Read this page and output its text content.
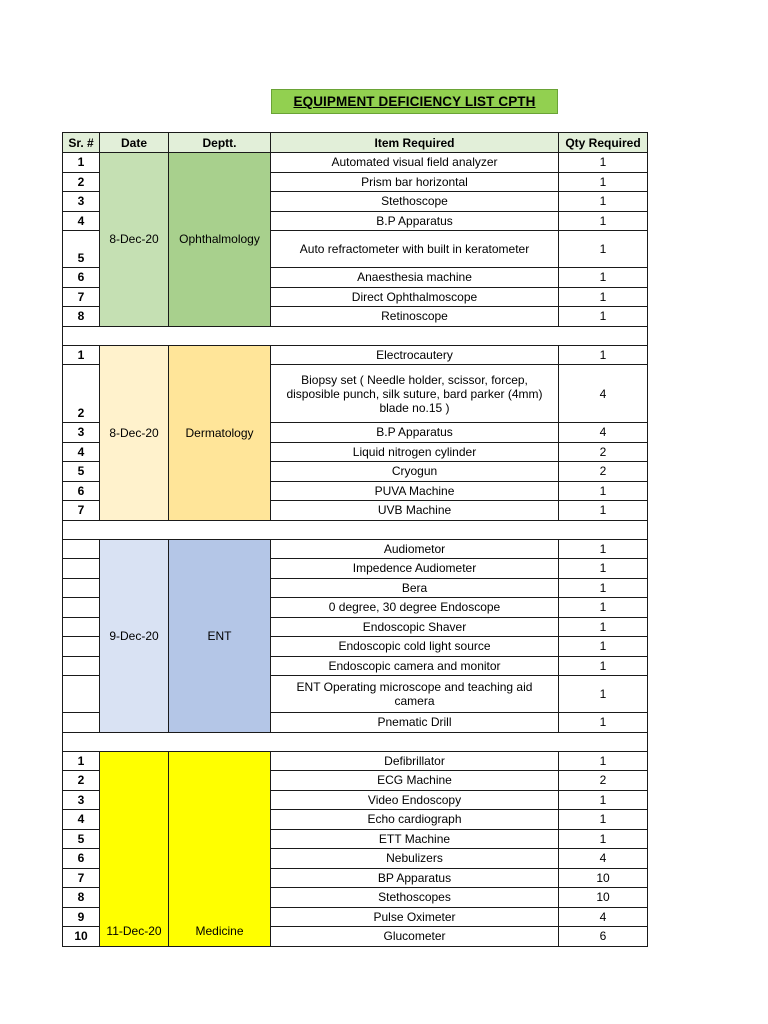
EQUIPMENT DEFICIENCY LIST CPTH
Sr. #	Date	Deptt.	Item Required	Qty Required
1	8-Dec-20	Ophthalmology	Automated visual field analyzer	1
2			Prism bar horizontal	1
3			Stethoscope	1
4			B.P Apparatus	1
5			Auto refractometer with built in keratometer	1
6			Anaesthesia machine	1
7			Direct Ophthalmoscope	1
8			Retinoscope	1

1	8-Dec-20	Dermatology	Electrocautery	1
2			Biopsy set ( Needle holder, scissor, forcep, disposible punch, silk suture, bard parker (4mm) blade no.15 )	4
3			B.P Apparatus	4
4			Liquid nitrogen cylinder	2
5			Cryogun	2
6			PUVA Machine	1
7			UVB Machine	1

	9-Dec-20	ENT	Audiometor	1
			Impedence Audiometer	1
			Bera	1
			0 degree, 30 degree Endoscope	1
			Endoscopic Shaver	1
			Endoscopic cold light source	1
			Endoscopic camera and monitor	1
			ENT Operating microscope and teaching aid camera	1
			Pnematic Drill	1

1	11-Dec-20	Medicine	Defibrillator	1
2			ECG Machine	2
3			Video Endoscopy	1
4			Echo cardiograph	1
5			ETT Machine	1
6			Nebulizers	4
7			BP Apparatus	10
8			Stethoscopes	10
9			Pulse Oximeter	4
10			Glucometer	6
